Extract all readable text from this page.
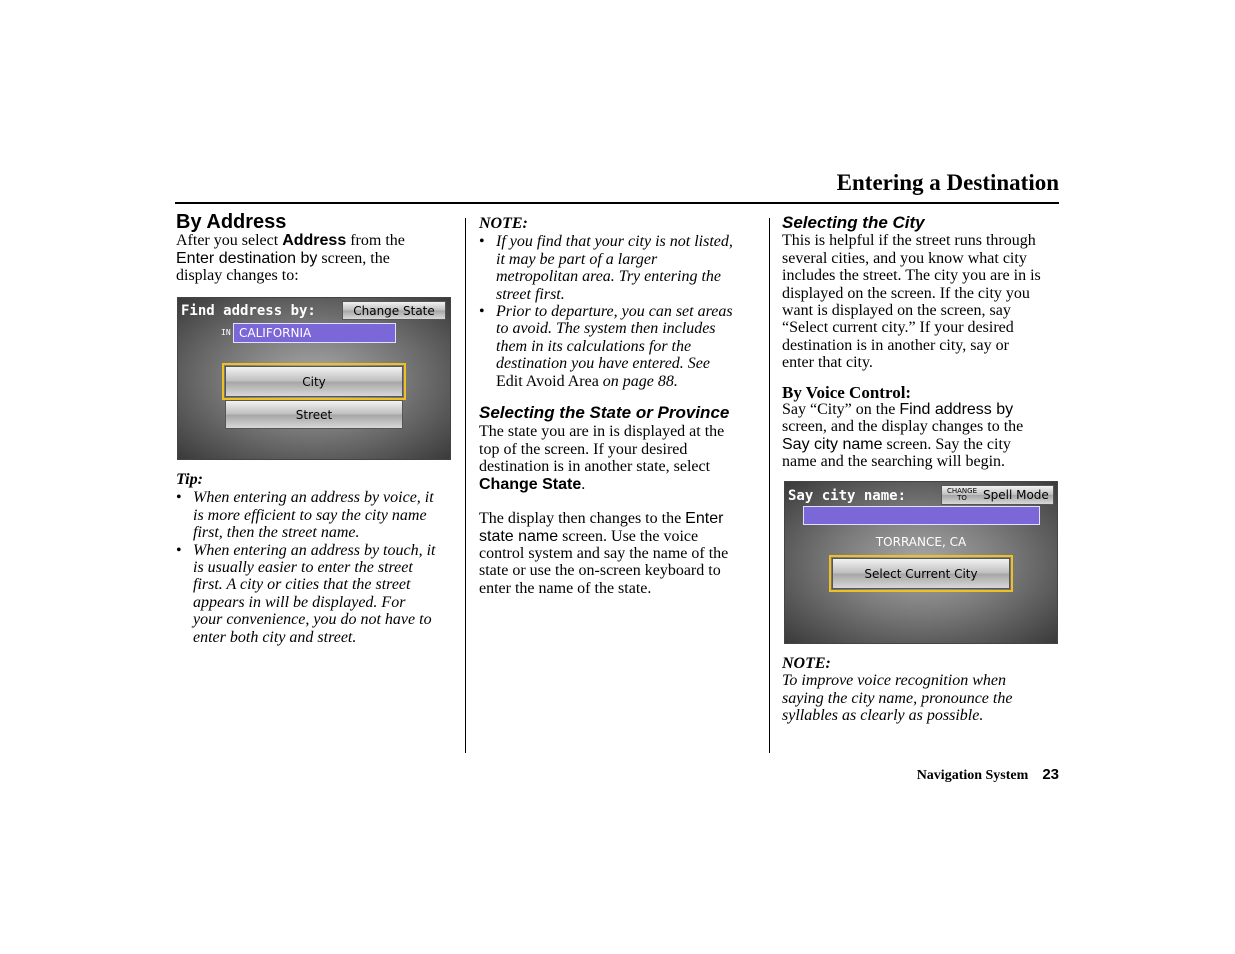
Entering a Destination
By Address

After you select Address from the
Enter destination by screen, the
display changes to:

Find address by:	Change State
IN CALIFORNIA
City
Street
Tip:
• When entering an address by voice, it
is more efficient to say the city name
first, then the street name.
• When entering an address by touch, it
is usually easier to enter the street
first. A city or cities that the street
appears in will be displayed. For
your convenience, you do not have to
enter both city and street.
NOTE:
• If you find that your city is not listed,
it may be part of a larger
metropolitan area. Try entering the
street first.
• Prior to departure, you can set areas
to avoid. The system then includes
them in its calculations for the
destination you have entered. See
Edit Avoid Area on page 88.
Selecting the State or Province

The state you are in is displayed at the
top of the screen. If your desired
destination is in another state, select
Change State.

The display then changes to the Enter
state name screen. Use the voice
control system and say the name of the
state or use the on-screen keyboard to
enter the name of the state.

Selecting the City

This is helpful if the street runs through
several cities, and you know what city
includes the street. The city you are in is
displayed on the screen. If the city you
want is displayed on the screen, say
“Select current city.” If your desired
destination is in another city, say or
enter that city.

By Voice Control:

Say “City” on the Find address by
screen, and the display changes to the
Say city name screen. Say the city
name and the searching will begin.

Say city name:	CHANGE TO	Spell Mode
TORRANCE, CA
Select Current City
NOTE:

To improve voice recognition when
saying the city name, pronounce the
syllables as clearly as possible.

Navigation System 23
